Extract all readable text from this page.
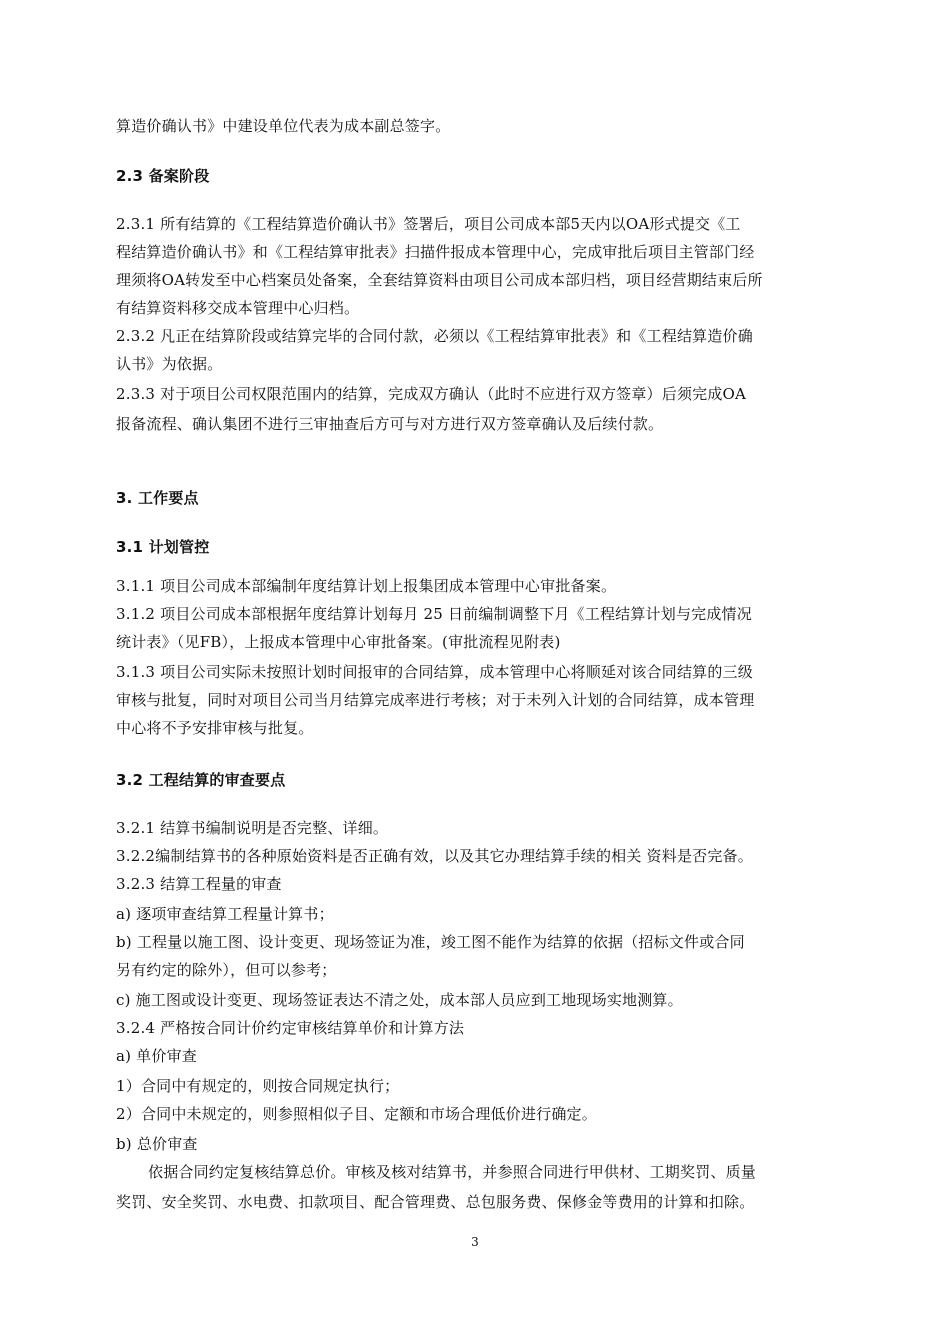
算造价确认书》中建设单位代表为成本副总签字。
2.3 备案阶段
2.3.1 所有结算的《工程结算造价确认书》签署后，项目公司成本部5天内以OA形式提交《工
程结算造价确认书》和《工程结算审批表》扫描件报成本管理中心，完成审批后项目主管部门经
理须将OA转发至中心档案员处备案，全套结算资料由项目公司成本部归档，项目经营期结束后所
有结算资料移交成本管理中心归档。
2.3.2 凡正在结算阶段或结算完毕的合同付款，必须以《工程结算审批表》和《工程结算造价确
认书》为依据。
2.3.3 对于项目公司权限范围内的结算，完成双方确认（此时不应进行双方签章）后须完成OA
报备流程、确认集团不进行三审抽查后方可与对方进行双方签章确认及后续付款。
3. 工作要点
3.1 计划管控
3.1.1 项目公司成本部编制年度结算计划上报集团成本管理中心审批备案。
3.1.2 项目公司成本部根据年度结算计划每月 25 日前编制调整下月《工程结算计划与完成情况
统计表》（见FB），上报成本管理中心审批备案。(审批流程见附表)
3.1.3 项目公司实际未按照计划时间报审的合同结算，成本管理中心将顺延对该合同结算的三级
审核与批复，同时对项目公司当月结算完成率进行考核；对于未列入计划的合同结算，成本管理
中心将不予安排审核与批复。
3.2 工程结算的审查要点
3.2.1 结算书编制说明是否完整、详细。
3.2.2编制结算书的各种原始资料是否正确有效，以及其它办理结算手续的相关 资料是否完备。
3.2.3 结算工程量的审查
a) 逐项审查结算工程量计算书；
b) 工程量以施工图、设计变更、现场签证为准，竣工图不能作为结算的依据（招标文件或合同
另有约定的除外），但可以参考；
c) 施工图或设计变更、现场签证表达不清之处，成本部人员应到工地现场实地测算。
3.2.4 严格按合同计价约定审核结算单价和计算方法
a) 单价审查
1）合同中有规定的，则按合同规定执行；
2）合同中未规定的，则参照相似子目、定额和市场合理低价进行确定。
b) 总价审查
依据合同约定复核结算总价。审核及核对结算书，并参照合同进行甲供材、工期奖罚、质量
奖罚、安全奖罚、水电费、扣款项目、配合管理费、总包服务费、保修金等费用的计算和扣除。
3
